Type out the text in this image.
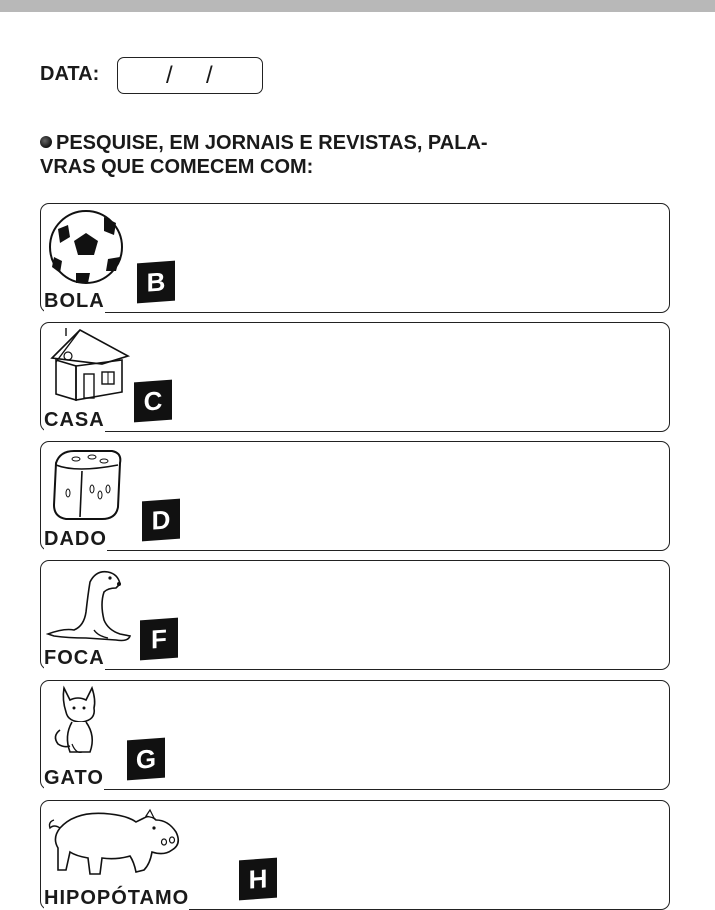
DATA:	/ /
PESQUISE, EM JORNAIS E REVISTAS, PALA-
VRAS QUE COMECEM COM:
BOLA
B
CASA
C
DADO
D
FOCA
F
GATO
G
HIPOPÓTAMO
H
